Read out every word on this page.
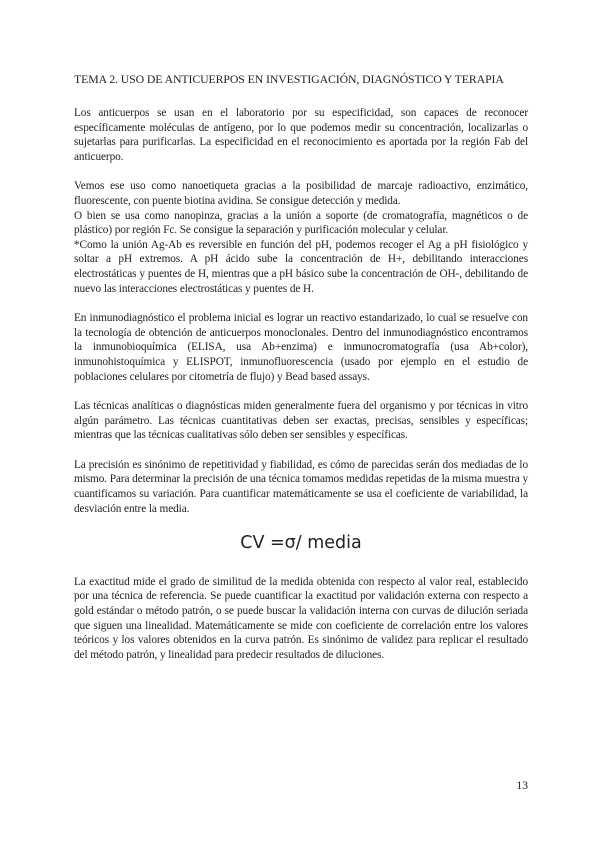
TEMA 2. USO DE ANTICUERPOS EN INVESTIGACIÓN, DIAGNÓSTICO Y TERAPIA

Los anticuerpos se usan en el laboratorio por su especificidad, son capaces de reconocer específicamente moléculas de antígeno, por lo que podemos medir su concentración, localizarlas o sujetarlas para purificarlas. La especificidad en el reconocimiento es aportada por la región Fab del anticuerpo.

Vemos ese uso como nanoetiqueta gracias a la posibilidad de marcaje radioactivo, enzimático, fluorescente, con puente biotina avidina. Se consigue detección y medida.

O bien se usa como nanopinza, gracias a la unión a soporte (de cromatografía, magnéticos o de plástico) por región Fc. Se consigue la separación y purificación molecular y celular.

*Como la unión Ag-Ab es reversible en función del pH, podemos recoger el Ag a pH fisiológico y soltar a pH extremos. A pH ácido sube la concentración de H+, debilitando interacciones electrostáticas y puentes de H, mientras que a pH básico sube la concentración de OH-, debilitando de nuevo las interacciones electrostáticas y puentes de H.

En inmunodiagnóstico el problema inicial es lograr un reactivo estandarizado, lo cual se resuelve con la tecnología de obtención de anticuerpos monoclonales. Dentro del inmunodiagnóstico encontramos la inmunobioquímica (ELISA, usa Ab+enzima) e inmunocromatografía (usa Ab+color), inmunohistoquímica y ELISPOT, inmunofluorescencia (usado por ejemplo en el estudio de poblaciones celulares por citometría de flujo) y Bead based assays.

Las técnicas analíticas o diagnósticas miden generalmente fuera del organismo y por técnicas in vitro algún parámetro. Las técnicas cuantitativas deben ser exactas, precisas, sensibles y específicas; mientras que las técnicas cualitativas sólo deben ser sensibles y específicas.

La precisión es sinónimo de repetitividad y fiabilidad, es cómo de parecidas serán dos mediadas de lo mismo. Para determinar la precisión de una técnica tomamos medidas repetidas de la misma muestra y cuantificamos su variación. Para cuantificar matemáticamente se usa el coeficiente de variabilidad, la desviación entre la media.

CV =σ/ media

La exactitud mide el grado de similitud de la medida obtenida con respecto al valor real, establecido por una técnica de referencia. Se puede cuantificar la exactitud por validación externa con respecto a gold estándar o método patrón, o se puede buscar la validación interna con curvas de dilución seriada que siguen una linealidad. Matemáticamente se mide con coeficiente de correlación entre los valores teóricos y los valores obtenidos en la curva patrón. Es sinónimo de validez para replicar el resultado del método patrón, y linealidad para predecir resultados de diluciones.

13
